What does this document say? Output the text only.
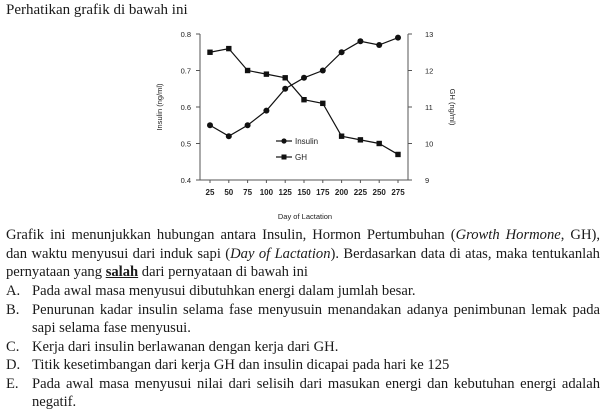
Perhatikan grafik di bawah ini
0.4
0.5
0.6
0.7
0.8
9
10
11
12
13
25 50 75 100 125 150 175 200 225 250 275
Day of Lactation
Insulin (ng/ml)	GH (ng/ml)
Insulin
GH
Grafik ini menunjukkan hubungan antara Insulin, Hormon Pertumbuhan (Growth Hormone, GH), dan waktu menyusui dari induk sapi (Day of Lactation). Berdasarkan data di atas, maka tentukanlah pernyataan yang salah dari pernyataan di bawah ini
A. Pada awal masa menyusui dibutuhkan energi dalam jumlah besar.
B. Penurunan kadar insulin selama fase menyusuin menandakan adanya penimbunan lemak pada sapi selama fase menyusui.
C. Kerja dari insulin berlawanan dengan kerja dari GH.
D. Titik kesetimbangan dari kerja GH dan insulin dicapai pada hari ke 125
E. Pada awal masa menyusui nilai dari selisih dari masukan energi dan kebutuhan energi adalah negatif.
